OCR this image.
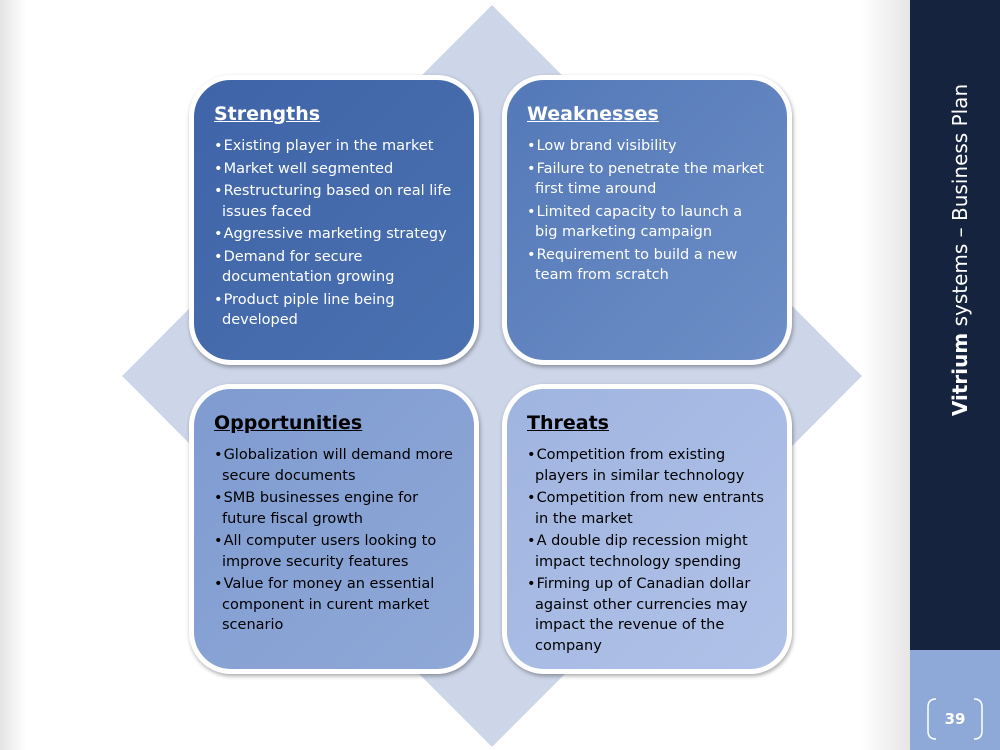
Strengths
• Existing player in the market
• Market well segmented
• Restructuring based on real life issues faced
• Aggressive marketing strategy
• Demand for secure documentation growing
• Product piple line being developed
Weaknesses
• Low brand visibility
• Failure to penetrate the market first time around
• Limited capacity to launch a big marketing campaign
• Requirement to build a new team from scratch
Opportunities
• Globalization will demand more secure documents
• SMB businesses engine for future fiscal growth
• All computer users looking to improve security features
• Value for money an essential component in curent market scenario
Threats
• Competition from existing players in similar technology
• Competition from new entrants in the market
• A double dip recession might impact technology spending
• Firming up of Canadian dollar against other currencies may impact the revenue of the company
Vitrium systems – Business Plan
39
